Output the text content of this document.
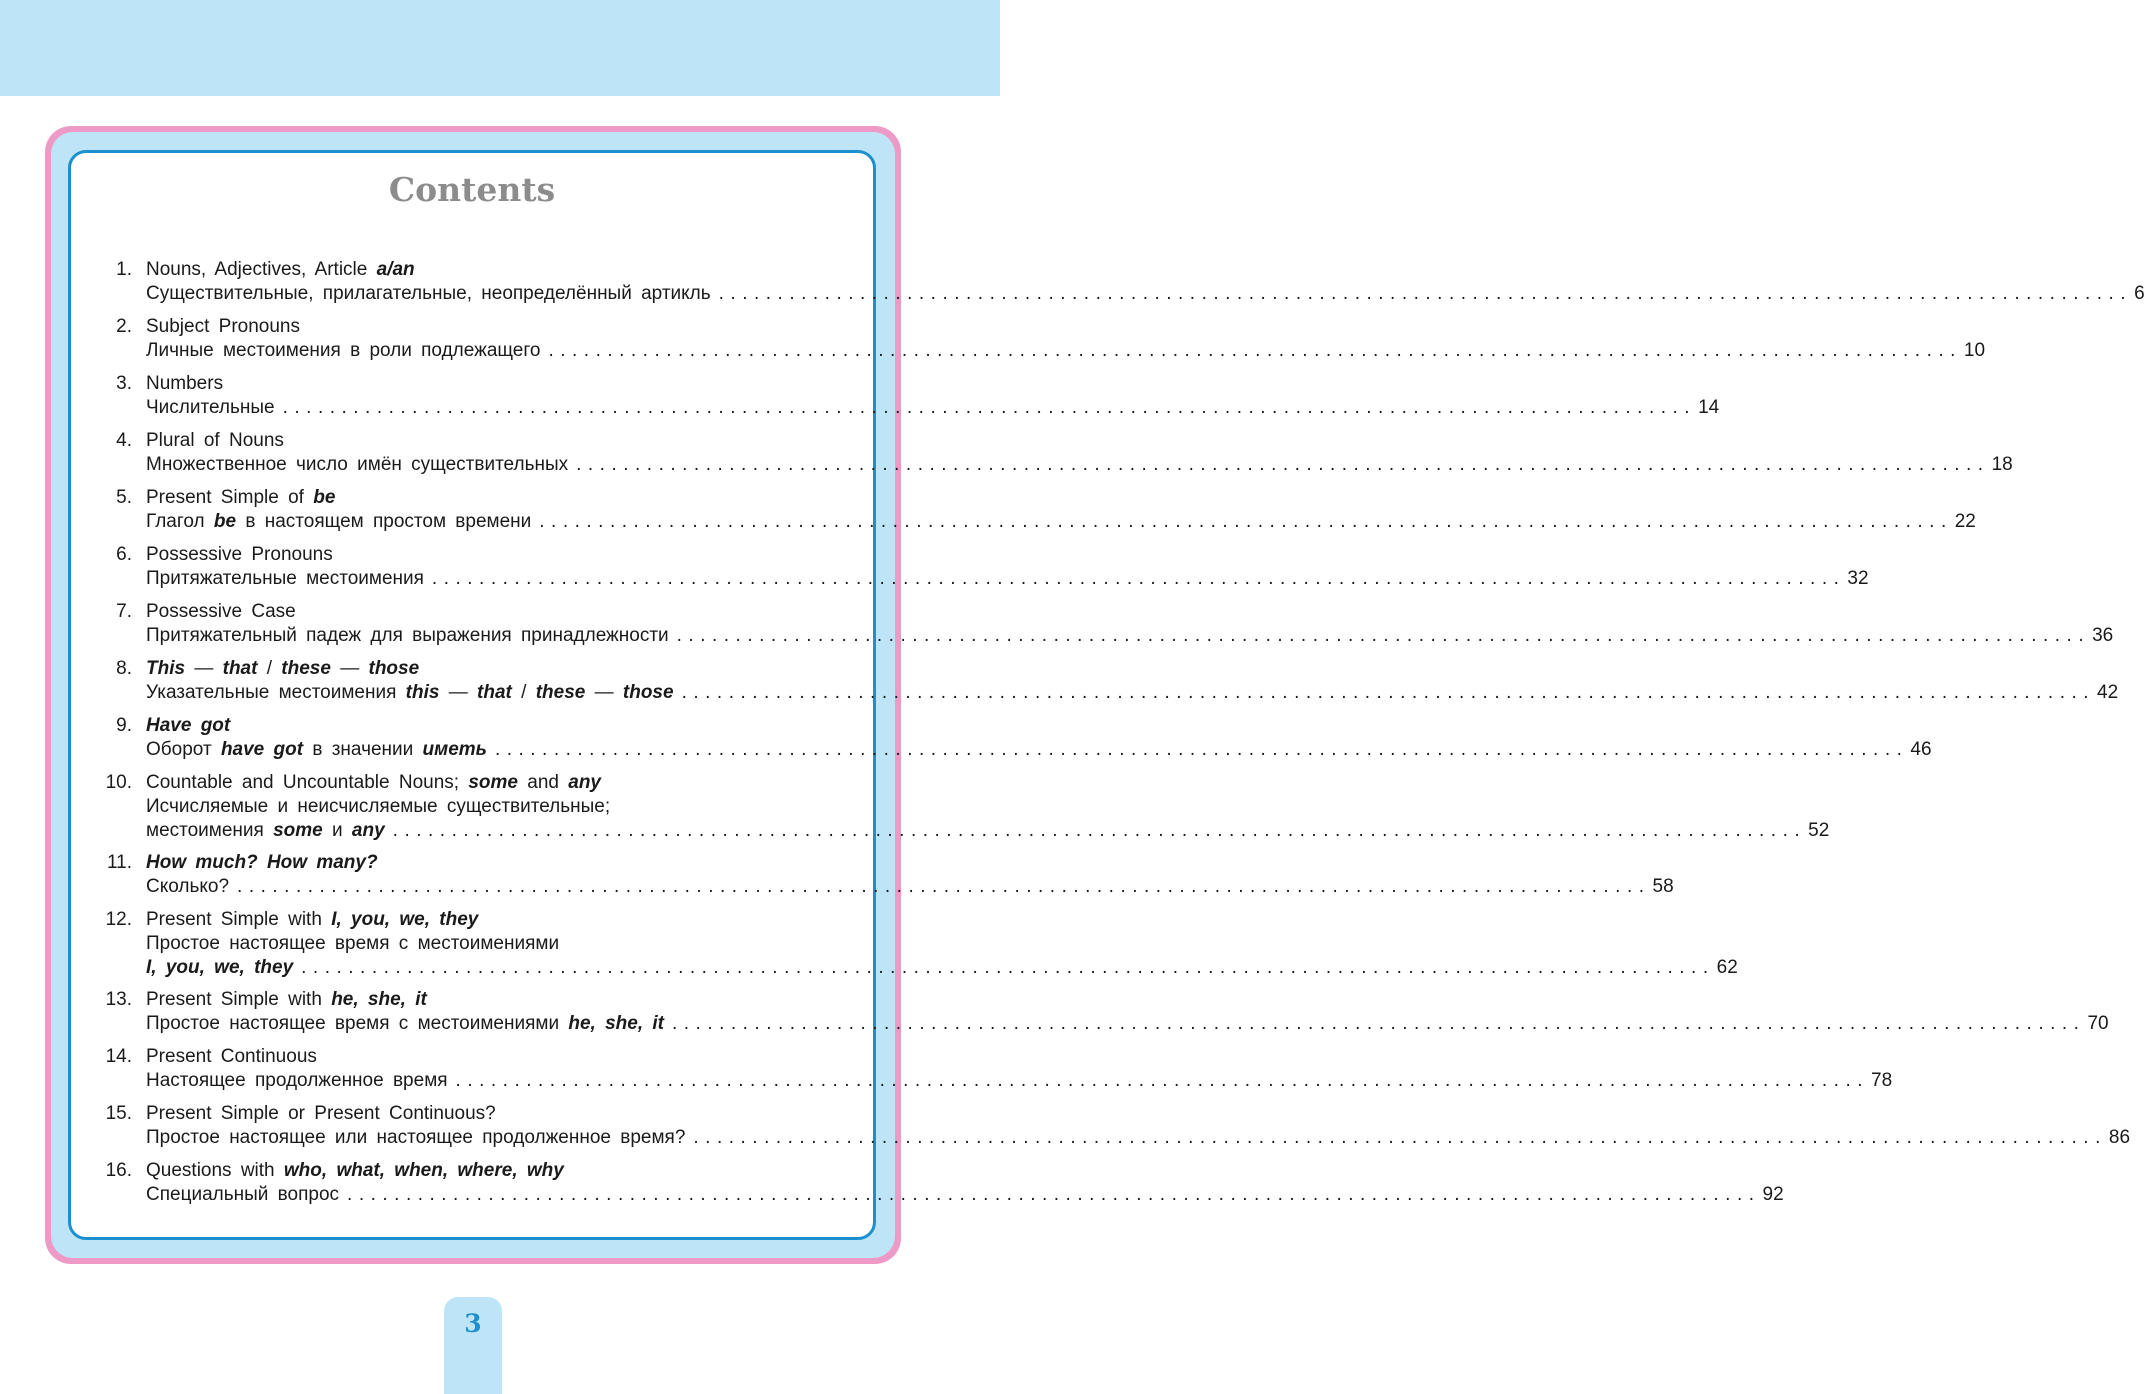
Contents
1. Nouns, Adjectives, Article a/an
Существительные, прилагательные, неопределённый артикль ........................................................................................................................ 6
2. Subject Pronouns
Личные местоимения в роли подлежащего ........................................................................................................................ 10
3. Numbers
Числительные ........................................................................................................................ 14
4. Plural of Nouns
Множественное число имён существительных ........................................................................................................................ 18
5. Present Simple of be
Глагол be в настоящем простом времени ........................................................................................................................ 22
6. Possessive Pronouns
Притяжательные местоимения ........................................................................................................................ 32
7. Possessive Case
Притяжательный падеж для выражения принадлежности ........................................................................................................................ 36
8. This — that / these — those
Указательные местоимения this — that / these — those ........................................................................................................................ 42
9. Have got
Оборот have got в значении иметь ........................................................................................................................ 46
10. Countable and Uncountable Nouns; some and any
Исчисляемые и неисчисляемые существительные;
местоимения some и any ........................................................................................................................ 52
11. How much? How many?
Сколько? ........................................................................................................................ 58
12. Present Simple with I, you, we, they
Простое настоящее время с местоимениями
I, you, we, they ........................................................................................................................ 62
13. Present Simple with he, she, it
Простое настоящее время с местоимениями he, she, it ........................................................................................................................ 70
14. Present Continuous
Настоящее продолженное время ........................................................................................................................ 78
15. Present Simple or Present Continuous?
Простое настоящее или настоящее продолженное время? ........................................................................................................................ 86
16. Questions with who, what, when, where, why
Специальный вопрос ........................................................................................................................ 92
3
